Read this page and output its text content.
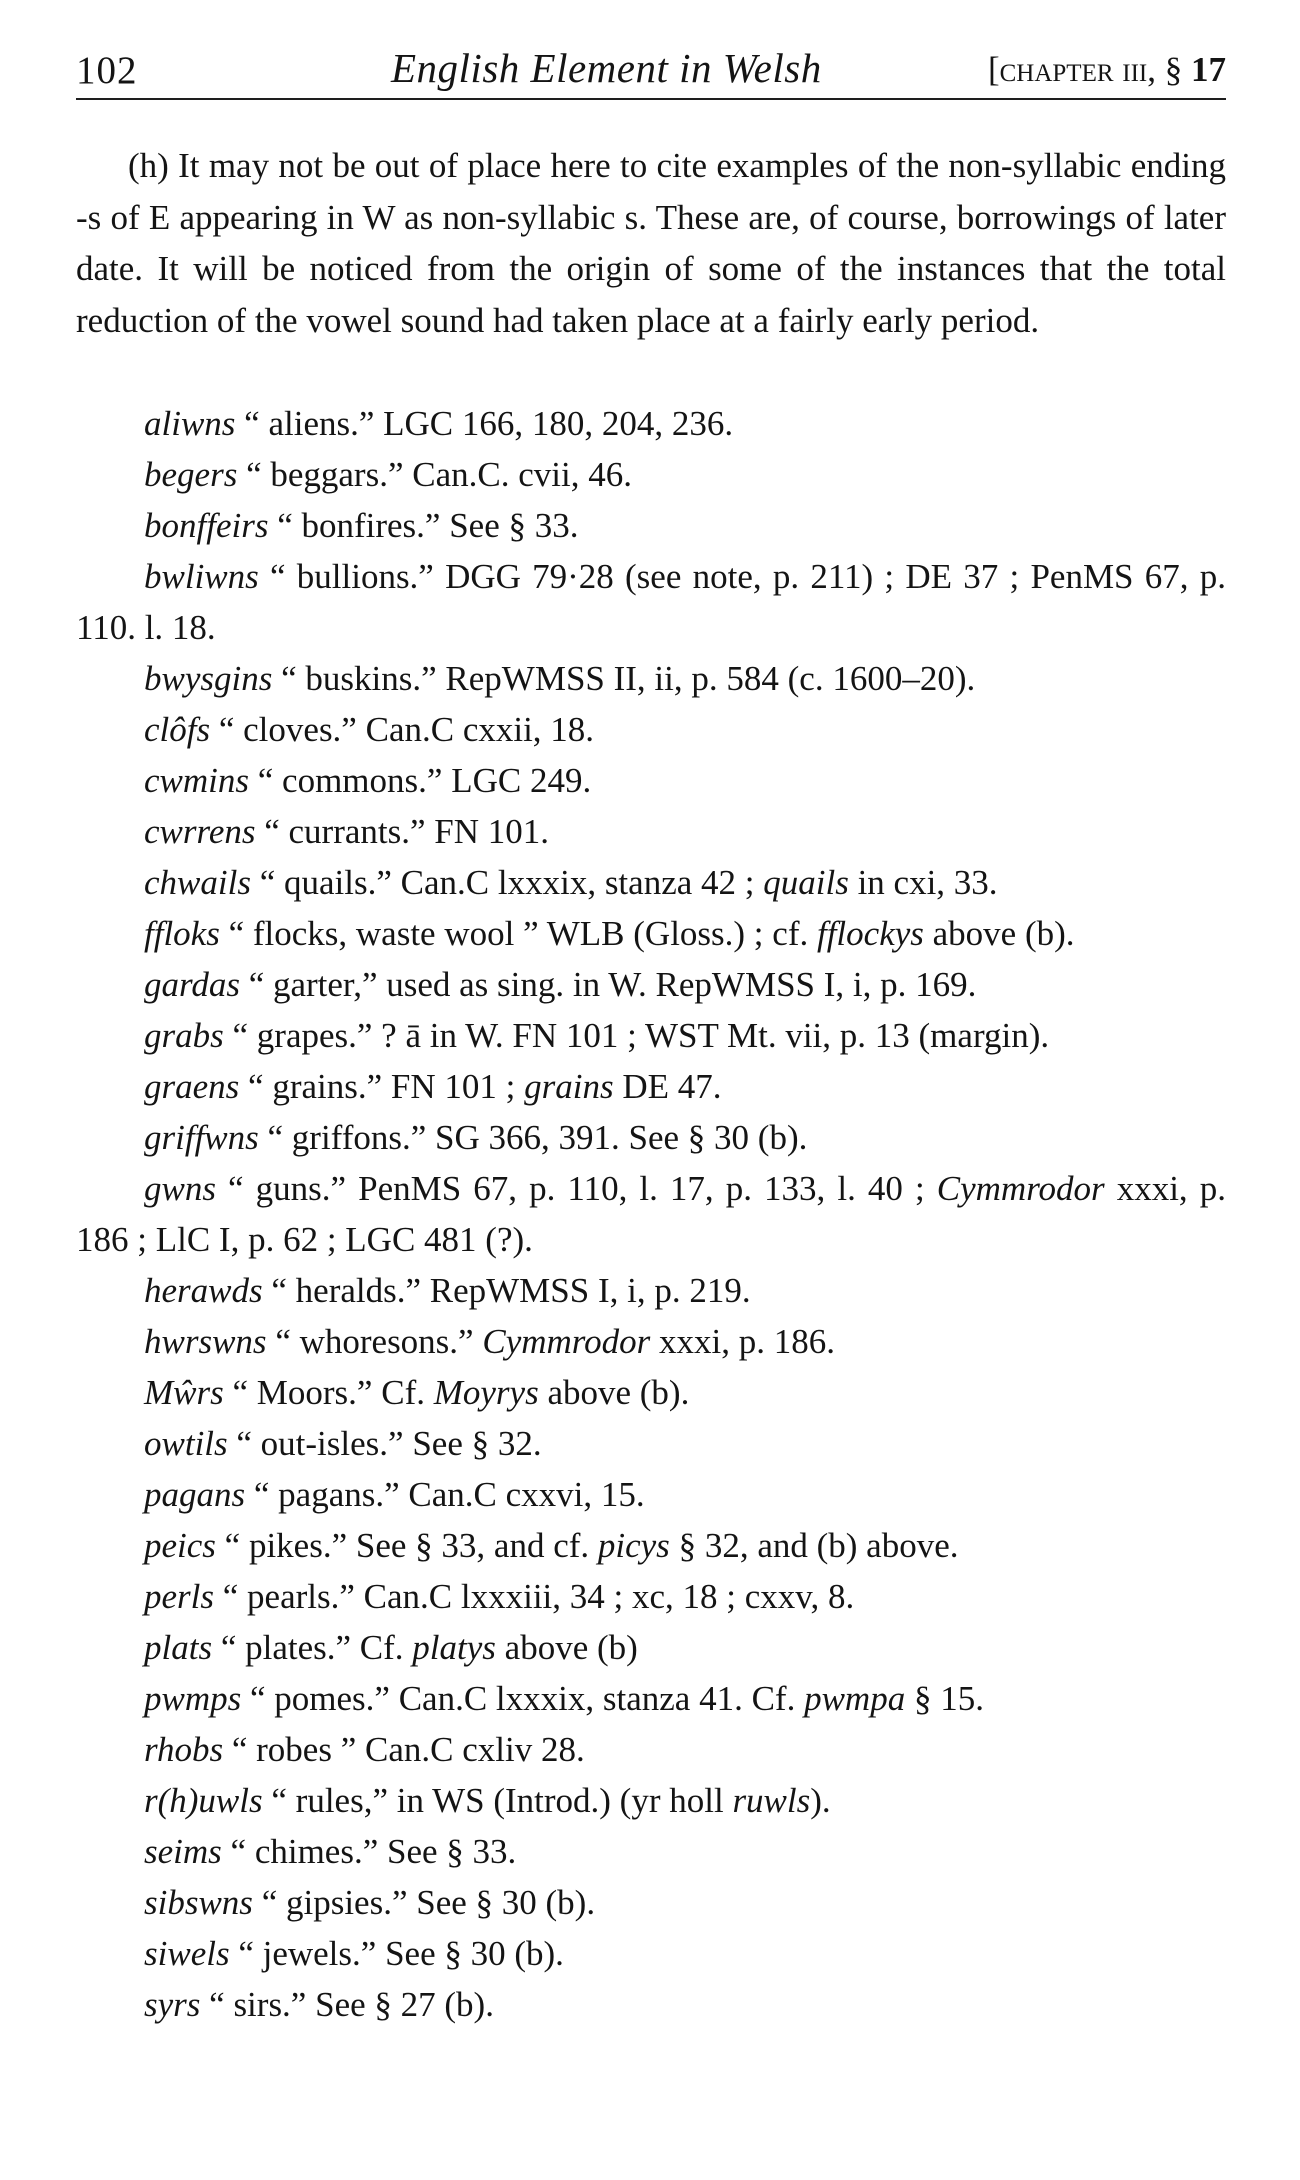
102	English Element in Welsh	[chapter iii, § 17

(h) It may not be out of place here to cite examples of the non-syllabic ending -s of E appearing in W as non-syllabic s. These are, of course, borrowings of later date. It will be noticed from the origin of some of the instances that the total reduction of the vowel sound had taken place at a fairly early period.

aliwns “ aliens.” LGC 166, 180, 204, 236.

begers “ beggars.” Can.C. cvii, 46.

bonffeirs “ bonfires.” See § 33.

bwliwns “ bullions.” DGG 79·28 (see note, p. 211) ; DE 37 ; PenMS 67, p. 110. l. 18.

bwysgins “ buskins.” RepWMSS II, ii, p. 584 (c. 1600–20).

clôfs “ cloves.” Can.C cxxii, 18.

cwmins “ commons.” LGC 249.

cwrrens “ currants.” FN 101.

chwails “ quails.” Can.C lxxxix, stanza 42 ; quails in cxi, 33.

ffloks “ flocks, waste wool ” WLB (Gloss.) ; cf. fflockys above (b).

gardas “ garter,” used as sing. in W. RepWMSS I, i, p. 169.

grabs “ grapes.” ? ā in W. FN 101 ; WST Mt. vii, p. 13 (margin).

graens “ grains.” FN 101 ; grains DE 47.

griffwns “ griffons.” SG 366, 391. See § 30 (b).

gwns “ guns.” PenMS 67, p. 110, l. 17, p. 133, l. 40 ; Cymmrodor xxxi, p. 186 ; LlC I, p. 62 ; LGC 481 (?).

herawds “ heralds.” RepWMSS I, i, p. 219.

hwrswns “ whoresons.” Cymmrodor xxxi, p. 186.

Mŵrs “ Moors.” Cf. Moyrys above (b).

owtils “ out-isles.” See § 32.

pagans “ pagans.” Can.C cxxvi, 15.

peics “ pikes.” See § 33, and cf. picys § 32, and (b) above.

perls “ pearls.” Can.C lxxxiii, 34 ; xc, 18 ; cxxv, 8.

plats “ plates.” Cf. platys above (b)

pwmps “ pomes.” Can.C lxxxix, stanza 41. Cf. pwmpa § 15.

rhobs “ robes ” Can.C cxliv 28.

r(h)uwls “ rules,” in WS (Introd.) (yr holl ruwls).

seims “ chimes.” See § 33.

sibswns “ gipsies.” See § 30 (b).

siwels “ jewels.” See § 30 (b).

syrs “ sirs.” See § 27 (b).
